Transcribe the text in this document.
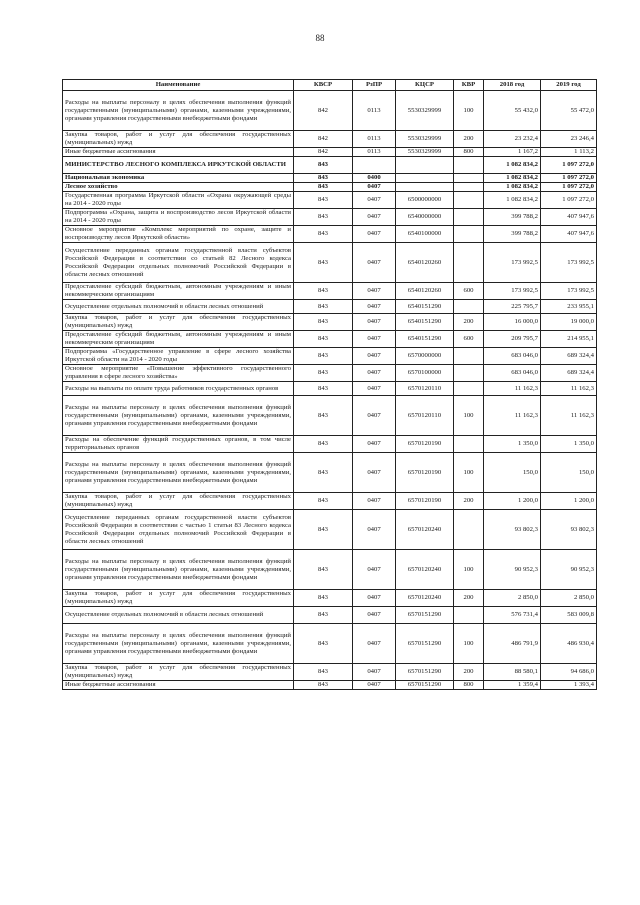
88
Наименование	КВСР	РзПР	КЦСР	КВР	2018 год	2019 год
Расходы на выплаты персоналу в целях обеспечения выполнения функций государственными (муниципальными) органами, казенными учреждениями, органами управления государственными внебюджетными фондами	842	0113	5530329999	100	55 432,0	55 472,0
Закупка товаров, работ и услуг для обеспечения государственных (муниципальных) нужд	842	0113	5530329999	200	23 232,4	23 246,4
Иные бюджетные ассигнования	842	0113	5530329999	800	1 167,2	1 113,2
МИНИСТЕРСТВО ЛЕСНОГО КОМПЛЕКСА ИРКУТСКОЙ ОБЛАСТИ	843				1 082 834,2	1 097 272,0
Национальная экономика	843	0400			1 082 834,2	1 097 272,0
Лесное хозяйство	843	0407			1 082 834,2	1 097 272,0
Государственная программа Иркутской области «Охрана окружающей среды на 2014 - 2020 годы	843	0407	6500000000		1 082 834,2	1 097 272,0
Подпрограмма «Охрана, защита и воспроизводство лесов Иркутской области на 2014 - 2020 годы	843	0407	6540000000		399 788,2	407 947,6
Основное мероприятие «Комплекс мероприятий по охране, защите и воспроизводству лесов Иркутской области»	843	0407	6540100000		399 788,2	407 947,6
Осуществление переданных органам государственной власти субъектов Российской Федерации в соответствии со статьей 82 Лесного кодекса Российской Федерации отдельных полномочий Российской Федерации в области лесных отношений	843	0407	6540120260		173 992,5	173 992,5
Предоставление субсидий бюджетным, автономным учреждениям и иным некоммерческим организациям	843	0407	6540120260	600	173 992,5	173 992,5
Осуществление отдельных полномочий в области лесных отношений	843	0407	6540151290		225 795,7	233 955,1
Закупка товаров, работ и услуг для обеспечения государственных (муниципальных) нужд	843	0407	6540151290	200	16 000,0	19 000,0
Предоставление субсидий бюджетным, автономным учреждениям и иным некоммерческим организациям	843	0407	6540151290	600	209 795,7	214 955,1
Подпрограмма «Государственное управление в сфере лесного хозяйства Иркутской области на 2014 - 2020 годы	843	0407	6570000000		683 046,0	689 324,4
Основное мероприятие «Повышение эффективного государственного управления в сфере лесного хозяйства»	843	0407	6570100000		683 046,0	689 324,4
Расходы на выплаты по оплате труда работников государственных органов	843	0407	6570120110		11 162,3	11 162,3
Расходы на выплаты персоналу в целях обеспечения выполнения функций государственными (муниципальными) органами, казенными учреждениями, органами управления государственными внебюджетными фондами	843	0407	6570120110	100	11 162,3	11 162,3
Расходы на обеспечение функций государственных органов, в том числе территориальных органов	843	0407	6570120190		1 350,0	1 350,0
Расходы на выплаты персоналу в целях обеспечения выполнения функций государственными (муниципальными) органами, казенными учреждениями, органами управления государственными внебюджетными фондами	843	0407	6570120190	100	150,0	150,0
Закупка товаров, работ и услуг для обеспечения государственных (муниципальных) нужд	843	0407	6570120190	200	1 200,0	1 200,0
Осуществление переданных органам государственной власти субъектов Российской Федерации в соответствии с частью 1 статьи 83 Лесного кодекса Российской Федерации отдельных полномочий Российской Федерации в области лесных отношений	843	0407	6570120240		93 802,3	93 802,3
Расходы на выплаты персоналу в целях обеспечения выполнения функций государственными (муниципальными) органами, казенными учреждениями, органами управления государственными внебюджетными фондами	843	0407	6570120240	100	90 952,3	90 952,3
Закупка товаров, работ и услуг для обеспечения государственных (муниципальных) нужд	843	0407	6570120240	200	2 850,0	2 850,0
Осуществление отдельных полномочий в области лесных отношений	843	0407	6570151290		576 731,4	583 009,8
Расходы на выплаты персоналу в целях обеспечения выполнения функций государственными (муниципальными) органами, казенными учреждениями, органами управления государственными внебюджетными фондами	843	0407	6570151290	100	486 791,9	486 930,4
Закупка товаров, работ и услуг для обеспечения государственных (муниципальных) нужд	843	0407	6570151290	200	88 580,1	94 686,0
Иные бюджетные ассигнования	843	0407	6570151290	800	1 359,4	1 393,4
